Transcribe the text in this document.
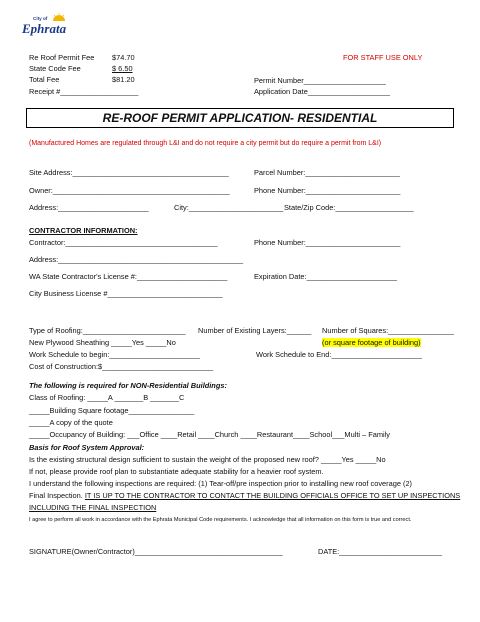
City of
Ephrata
Re Roof Permit Fee $74.70
State Code Fee	$ 6.50
Total Fee	$81.20
Receipt #___________________
FOR STAFF USE ONLY
Permit Number____________________
Application Date____________________
RE-ROOF PERMIT APPLICATION- RESIDENTIAL
(Manufactured Homes are regulated through L&I and do not require a city permit but do require a permit from L&I)
Site Address:______________________________________	Parcel Number:_______________________
Owner:___________________________________________	Phone Number:_______________________
Address:______________________	City:_______________________ State/Zip Code:___________________
CONTRACTOR INFORMATION:
Contractor:_____________________________________	Phone Number:_______________________
Address:_____________________________________________
WA State Contractor's License #:______________________	Expiration Date:______________________
City Business License #____________________________
Type of Roofing:_________________________ Number of Existing Layers:______ Number of Squares:________________
New Plywood Sheathing _____Yes _____No	(or square footage of building)
Work Schedule to begin:______________________	Work Schedule to End:______________________
Cost of Construction:$___________________________
The following is required for NON-Residential Buildings:
Class of Roofing: _____A _______B _______C
_____Building Square footage________________
_____A copy of the quote
_____Occupancy of Building: ___Office ____Retail ____Church ____Restaurant____School___Multi – Family
Basis for Roof System Approval:
Is the existing structural design sufficient to sustain the weight of the proposed new roof? _____Yes _____No
If not, please provide roof plan to substantiate adequate stability for a heavier roof system.
I understand the following inspections are required: (1) Tear-off/pre inspection prior to installing new roof coverage (2)
Final Inspection. IT IS UP TO THE CONTRACTOR TO CONTACT THE BUILDING OFFICIALS OFFICE TO SET UP INSPECTIONS
INCLUDING THE FINAL INSPECTION
I agree to perform all work in accordance with the Ephrata Municipal Code requirements. I acknowledge that all information on this form is true and correct.
SIGNATURE(Owner/Contractor)____________________________________	DATE:_________________________
